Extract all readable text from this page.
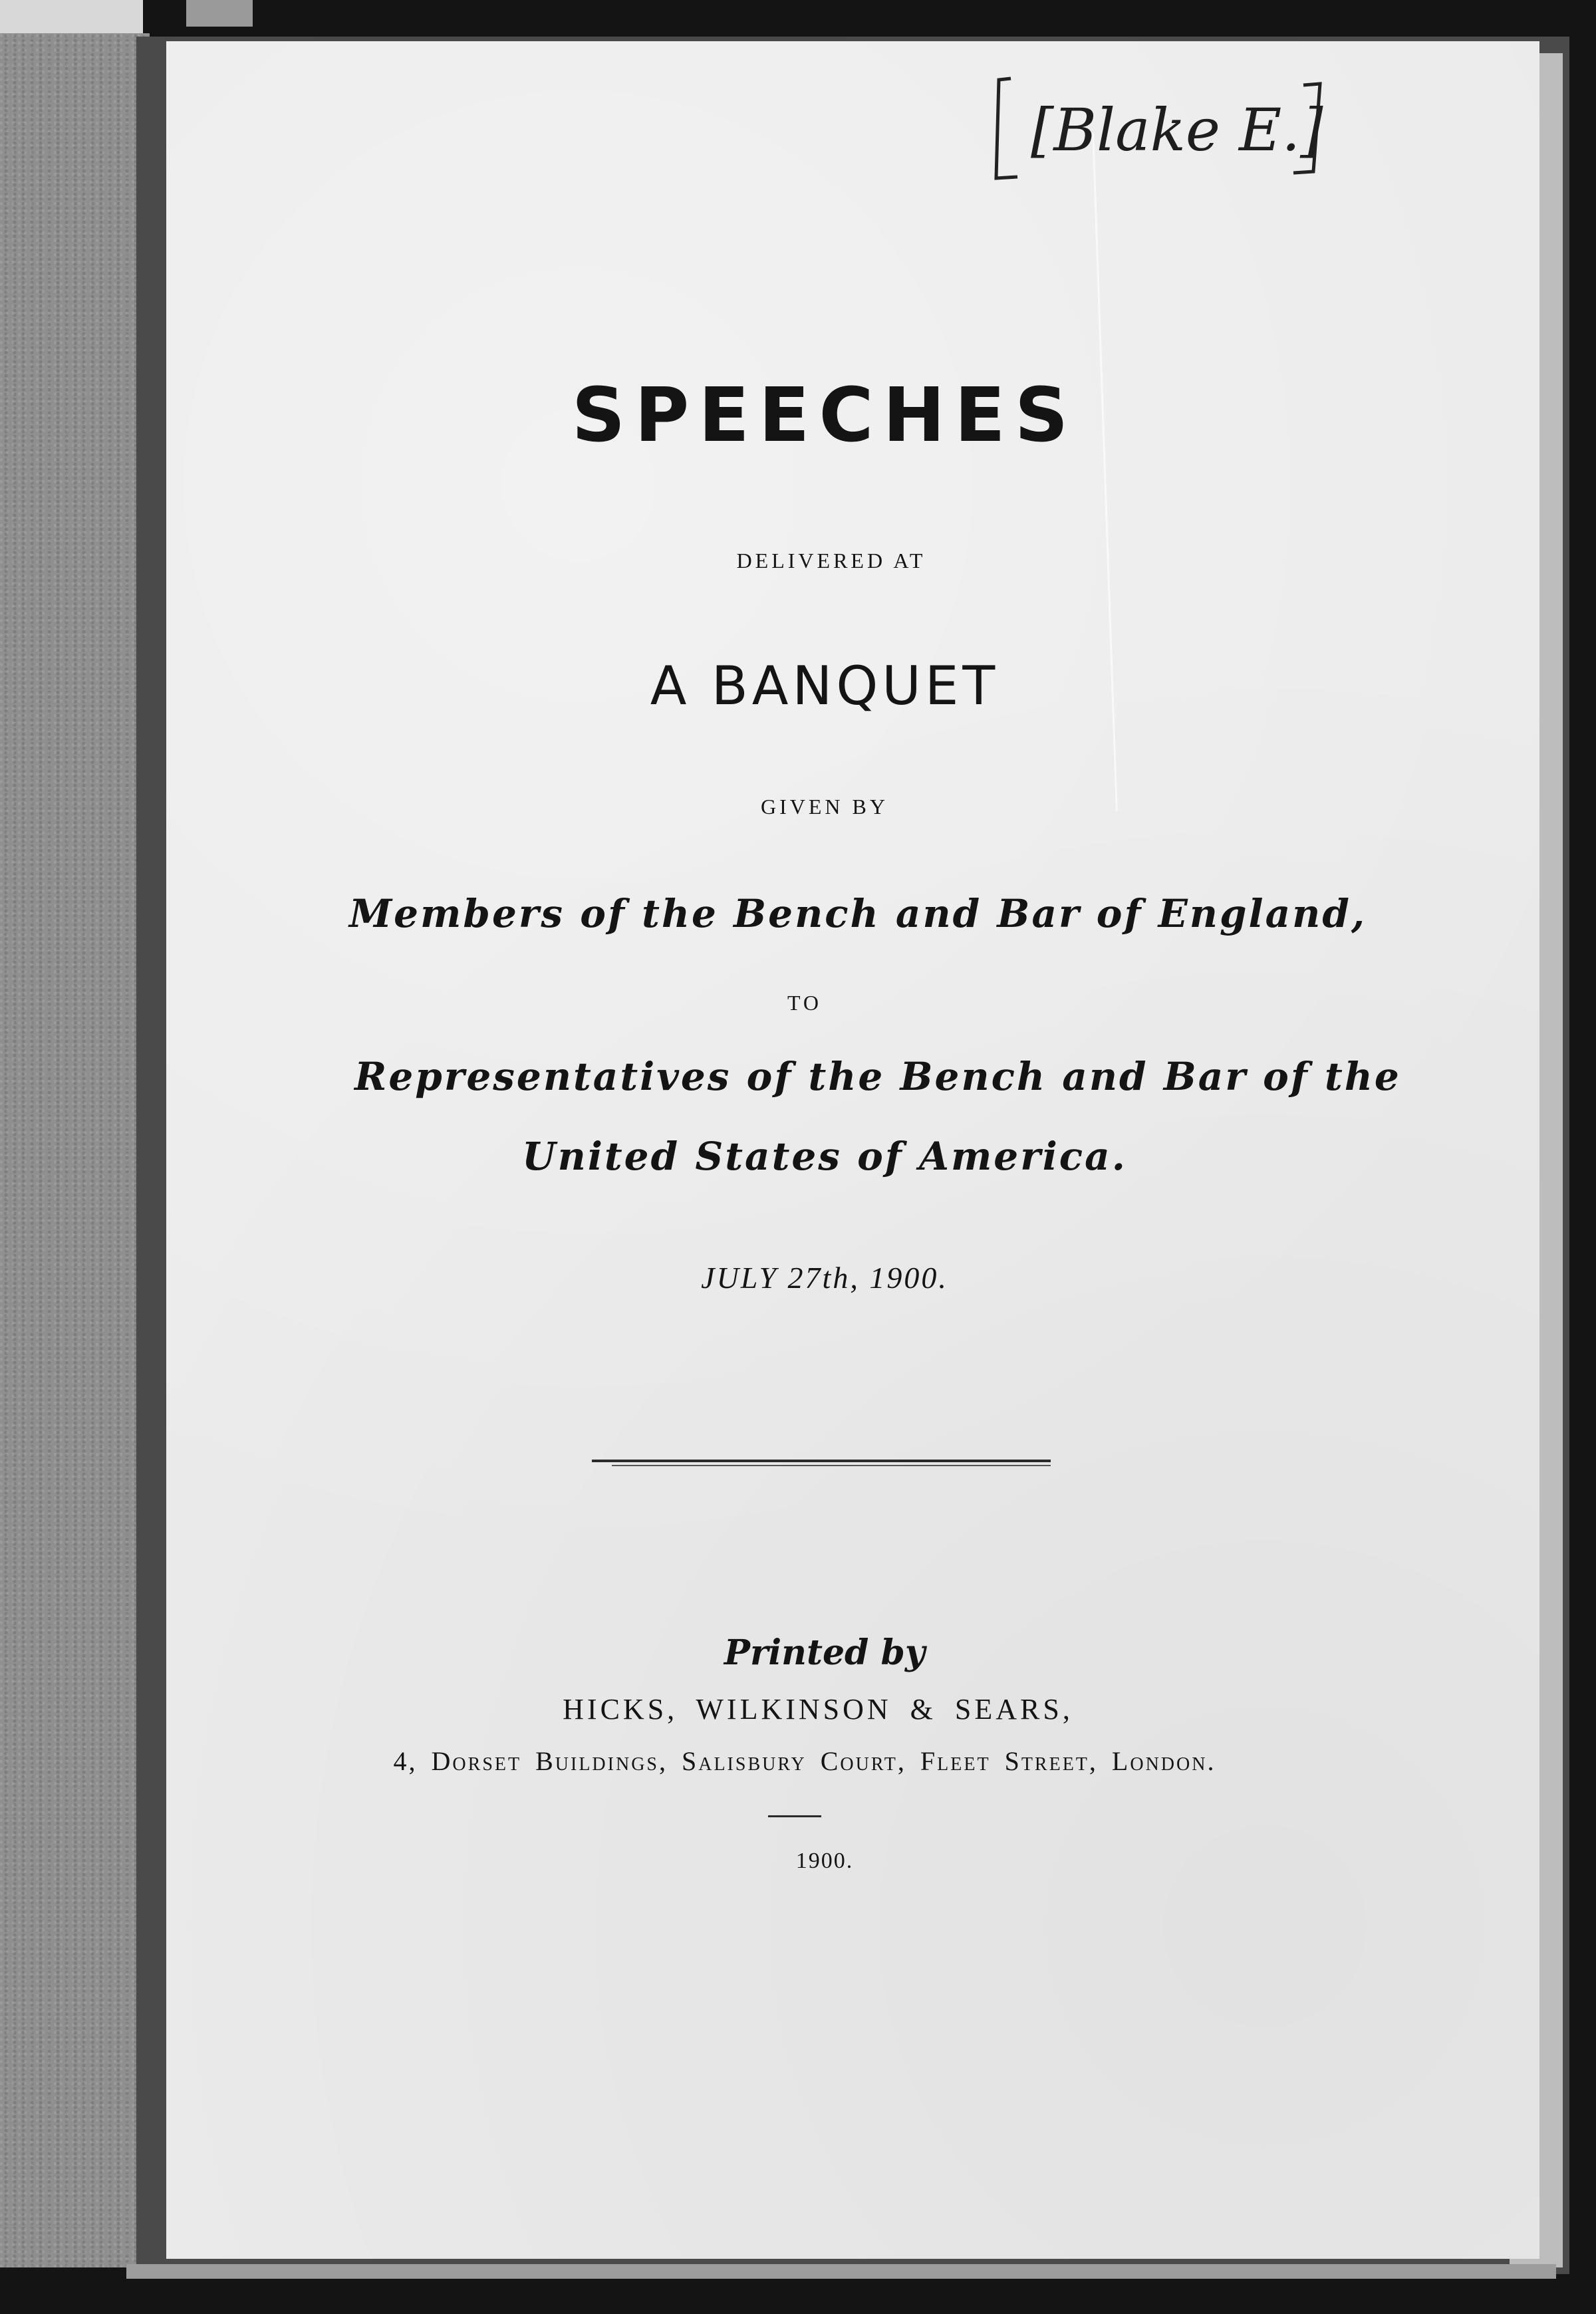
[Blake E.]
SPEECHES

DELIVERED AT

A BANQUET

GIVEN BY

Members of the Bench and Bar of England,

TO

Representatives of the Bench and Bar of the

United States of America.

JULY 27th, 1900.

Printed by

HICKS, WILKINSON & SEARS,

4, Dorset Buildings, Salisbury Court, Fleet Street, London.

1900.
